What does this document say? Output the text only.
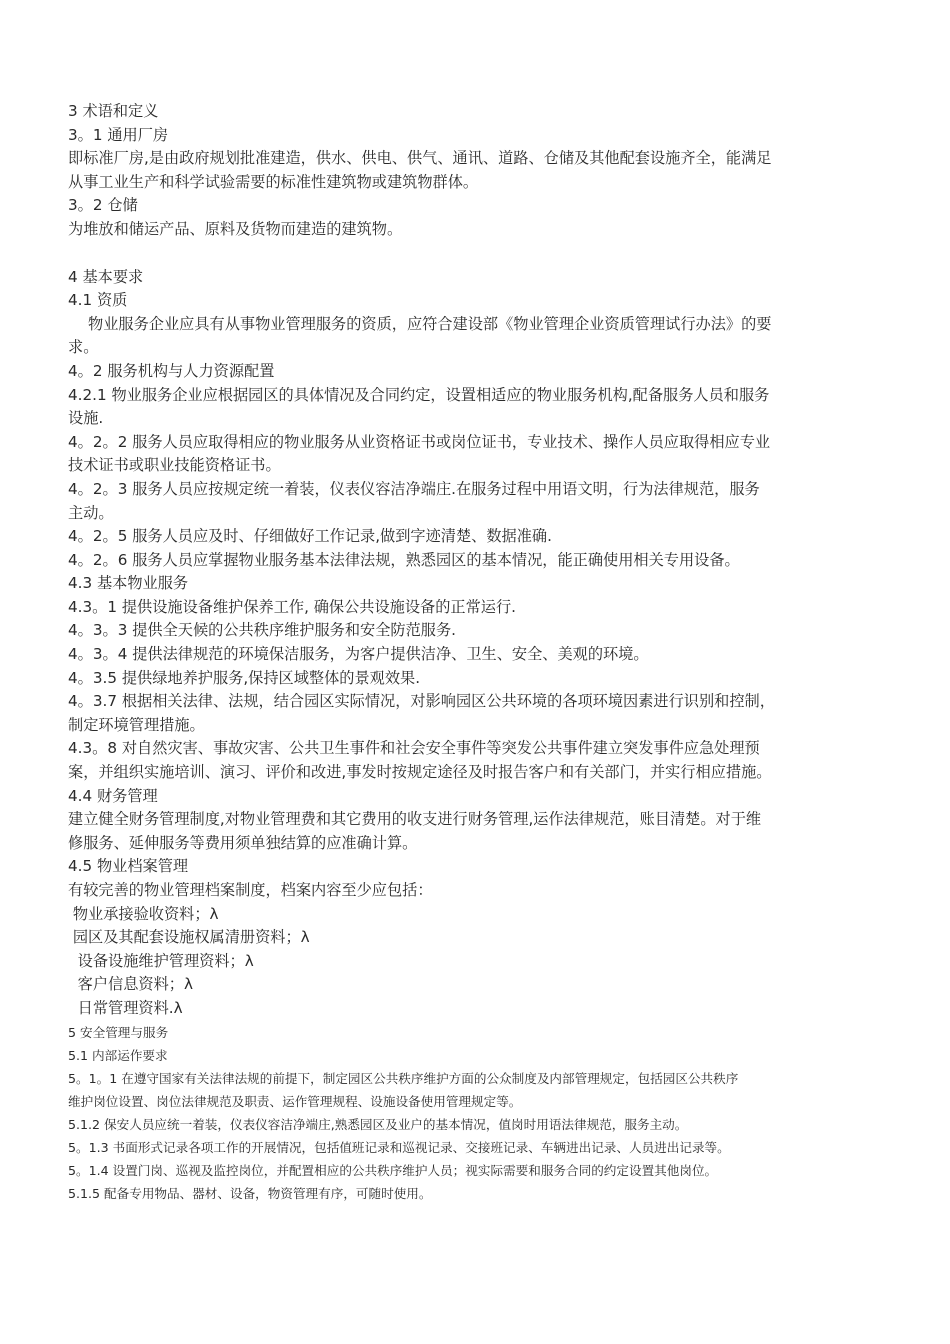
3 术语和定义
3。1 通用厂房
即标准厂房,是由政府规划批准建造，供水、供电、供气、通讯、道路、仓储及其他配套设施齐全，能满足
从事工业生产和科学试验需要的标准性建筑物或建筑物群体。
3。2 仓储
为堆放和储运产品、原料及货物而建造的建筑物。
4 基本要求
4.1 资质
物业服务企业应具有从事物业管理服务的资质，应符合建设部《物业管理企业资质管理试行办法》的要
求。
4。2 服务机构与人力资源配置
4.2.1 物业服务企业应根据园区的具体情况及合同约定，设置相适应的物业服务机构,配备服务人员和服务
设施.
4。2。2 服务人员应取得相应的物业服务从业资格证书或岗位证书，专业技术、操作人员应取得相应专业
技术证书或职业技能资格证书。
4。2。3 服务人员应按规定统一着装，仪表仪容洁净端庄.在服务过程中用语文明，行为法律规范，服务
主动。
4。2。5 服务人员应及时、仔细做好工作记录,做到字迹清楚、数据准确.
4。2。6 服务人员应掌握物业服务基本法律法规，熟悉园区的基本情况，能正确使用相关专用设备。
4.3 基本物业服务
4.3。1 提供设施设备维护保养工作, 确保公共设施设备的正常运行.
4。3。3 提供全天候的公共秩序维护服务和安全防范服务.
4。3。4 提供法律规范的环境保洁服务，为客户提供洁净、卫生、安全、美观的环境。
4。3.5 提供绿地养护服务,保持区域整体的景观效果.
4。3.7 根据相关法律、法规，结合园区实际情况，对影响园区公共环境的各项环境因素进行识别和控制，
制定环境管理措施。
4.3。8 对自然灾害、事故灾害、公共卫生事件和社会安全事件等突发公共事件建立突发事件应急处理预
案，并组织实施培训、演习、评价和改进,事发时按规定途径及时报告客户和有关部门，并实行相应措施。
4.4 财务管理
建立健全财务管理制度,对物业管理费和其它费用的收支进行财务管理,运作法律规范，账目清楚。对于维
修服务、延伸服务等费用须单独结算的应准确计算。
4.5 物业档案管理
有较完善的物业管理档案制度，档案内容至少应包括：
物业承接验收资料；λ
园区及其配套设施权属清册资料；λ
设备设施维护管理资料；λ
客户信息资料；λ
日常管理资料.λ
5 安全管理与服务
5.1 内部运作要求
5。1。1 在遵守国家有关法律法规的前提下，制定园区公共秩序维护方面的公众制度及内部管理规定，包括园区公共秩序
维护岗位设置、岗位法律规范及职责、运作管理规程、设施设备使用管理规定等。
5.1.2 保安人员应统一着装，仪表仪容洁净端庄,熟悉园区及业户的基本情况，值岗时用语法律规范，服务主动。
5。1.3 书面形式记录各项工作的开展情况，包括值班记录和巡视记录、交接班记录、车辆进出记录、人员进出记录等。
5。1.4 设置门岗、巡视及监控岗位，并配置相应的公共秩序维护人员；视实际需要和服务合同的约定设置其他岗位。
5.1.5 配备专用物品、器材、设备，物资管理有序，可随时使用。
